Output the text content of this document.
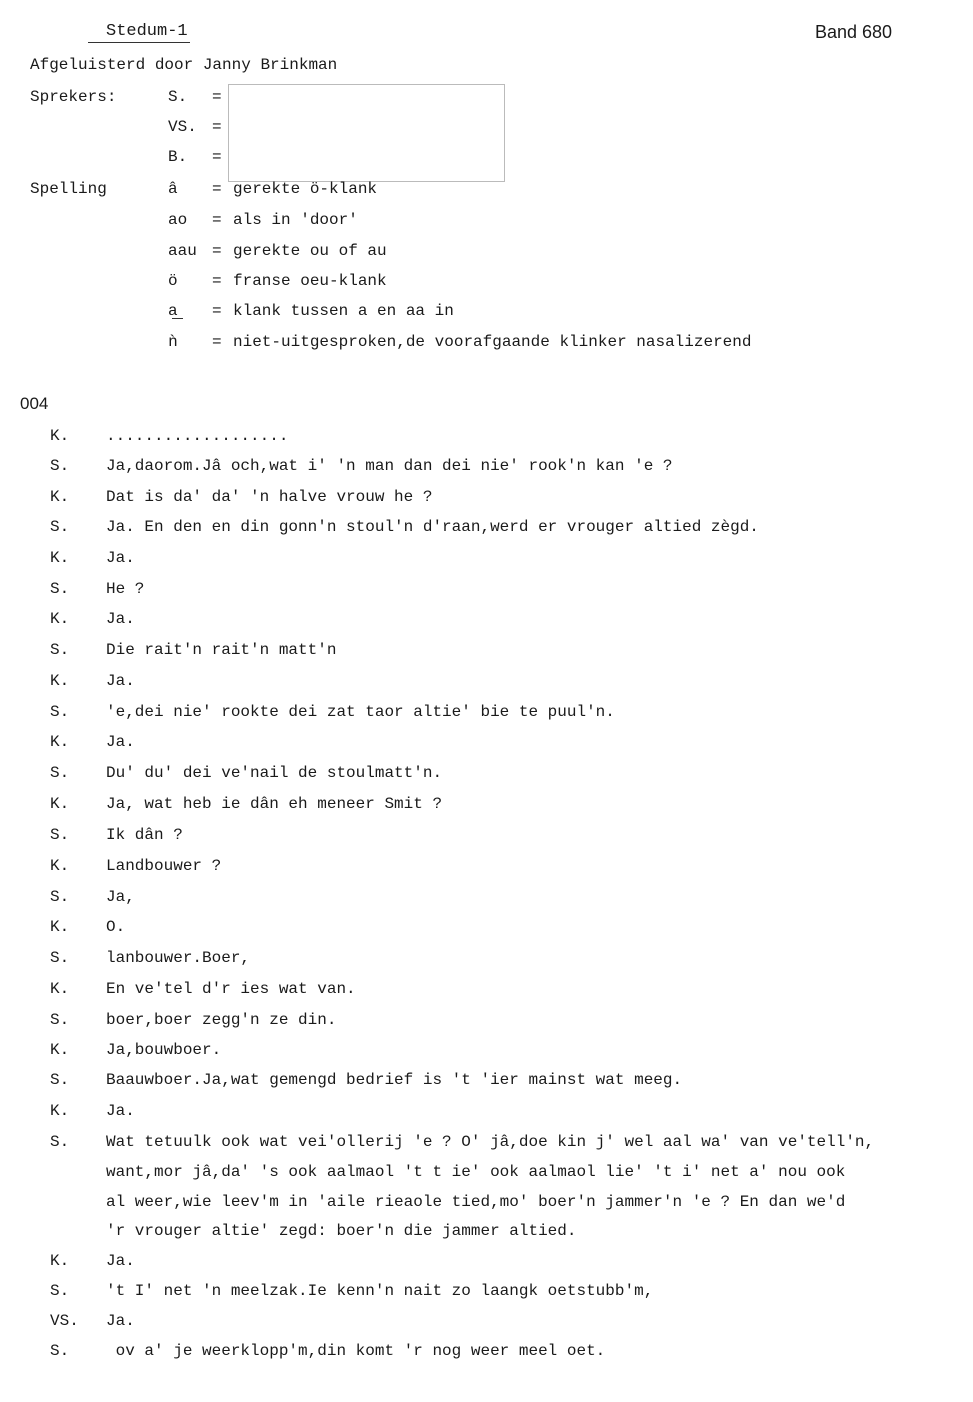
Stedum-1	Band 680
Afgeluisterd door Janny Brinkman
Sprekers:	S. =
VS. =
B. =
Spelling	â = gerekte ö-klank
ao = als in 'door'
aau = gerekte ou of au
ö = franse oeu-klank
a = klank tussen a en aa in
ǹ = niet-uitgesproken,de voorafgaande klinker nasalizerend
004
K. ...................
S. Ja,daorom.Jâ och,wat i' 'n man dan dei nie' rook'n kan 'e ?
K. Dat is da' da' 'n halve vrouw he ?
S. Ja. En den en din gonn'n stoul'n d'raan,werd er vrouger altied zègd.
K. Ja.
S. He ?
K. Ja.
S. Die rait'n rait'n matt'n
K. Ja.
S. 'e,dei nie' rookte dei zat taor altie' bie te puul'n.
K. Ja.
S. Du' du' dei ve'nail de stoulmatt'n.
K. Ja, wat heb ie dân eh meneer Smit ?
S. Ik dân ?
K. Landbouwer ?
S. Ja,
K. O.
S. lanbouwer.Boer,
K. En ve'tel d'r ies wat van.
S. boer,boer zegg'n ze din.
K. Ja,bouwboer.
S. Baauwboer.Ja,wat gemengd bedrief is 't 'ier mainst wat meeg.
K. Ja.
S. Wat tetuulk ook wat vei'ollerij 'e ? O' jâ,doe kin j' wel aal wa' van ve'tell'n,
want,mor jâ,da' 's ook aalmaol 't t ie' ook aalmaol lie' 't i' net a' nou ook
al weer,wie leev'm in 'aile rieaole tied,mo' boer'n jammer'n 'e ? En dan we'd
'r vrouger altie' zegd: boer'n die jammer altied.
K. Ja.
S. 't I' net 'n meelzak.Ie kenn'n nait zo laangk oetstubb'm,
VS. Ja.
S. ov a' je weerklopp'm,din komt 'r nog weer meel oet.
